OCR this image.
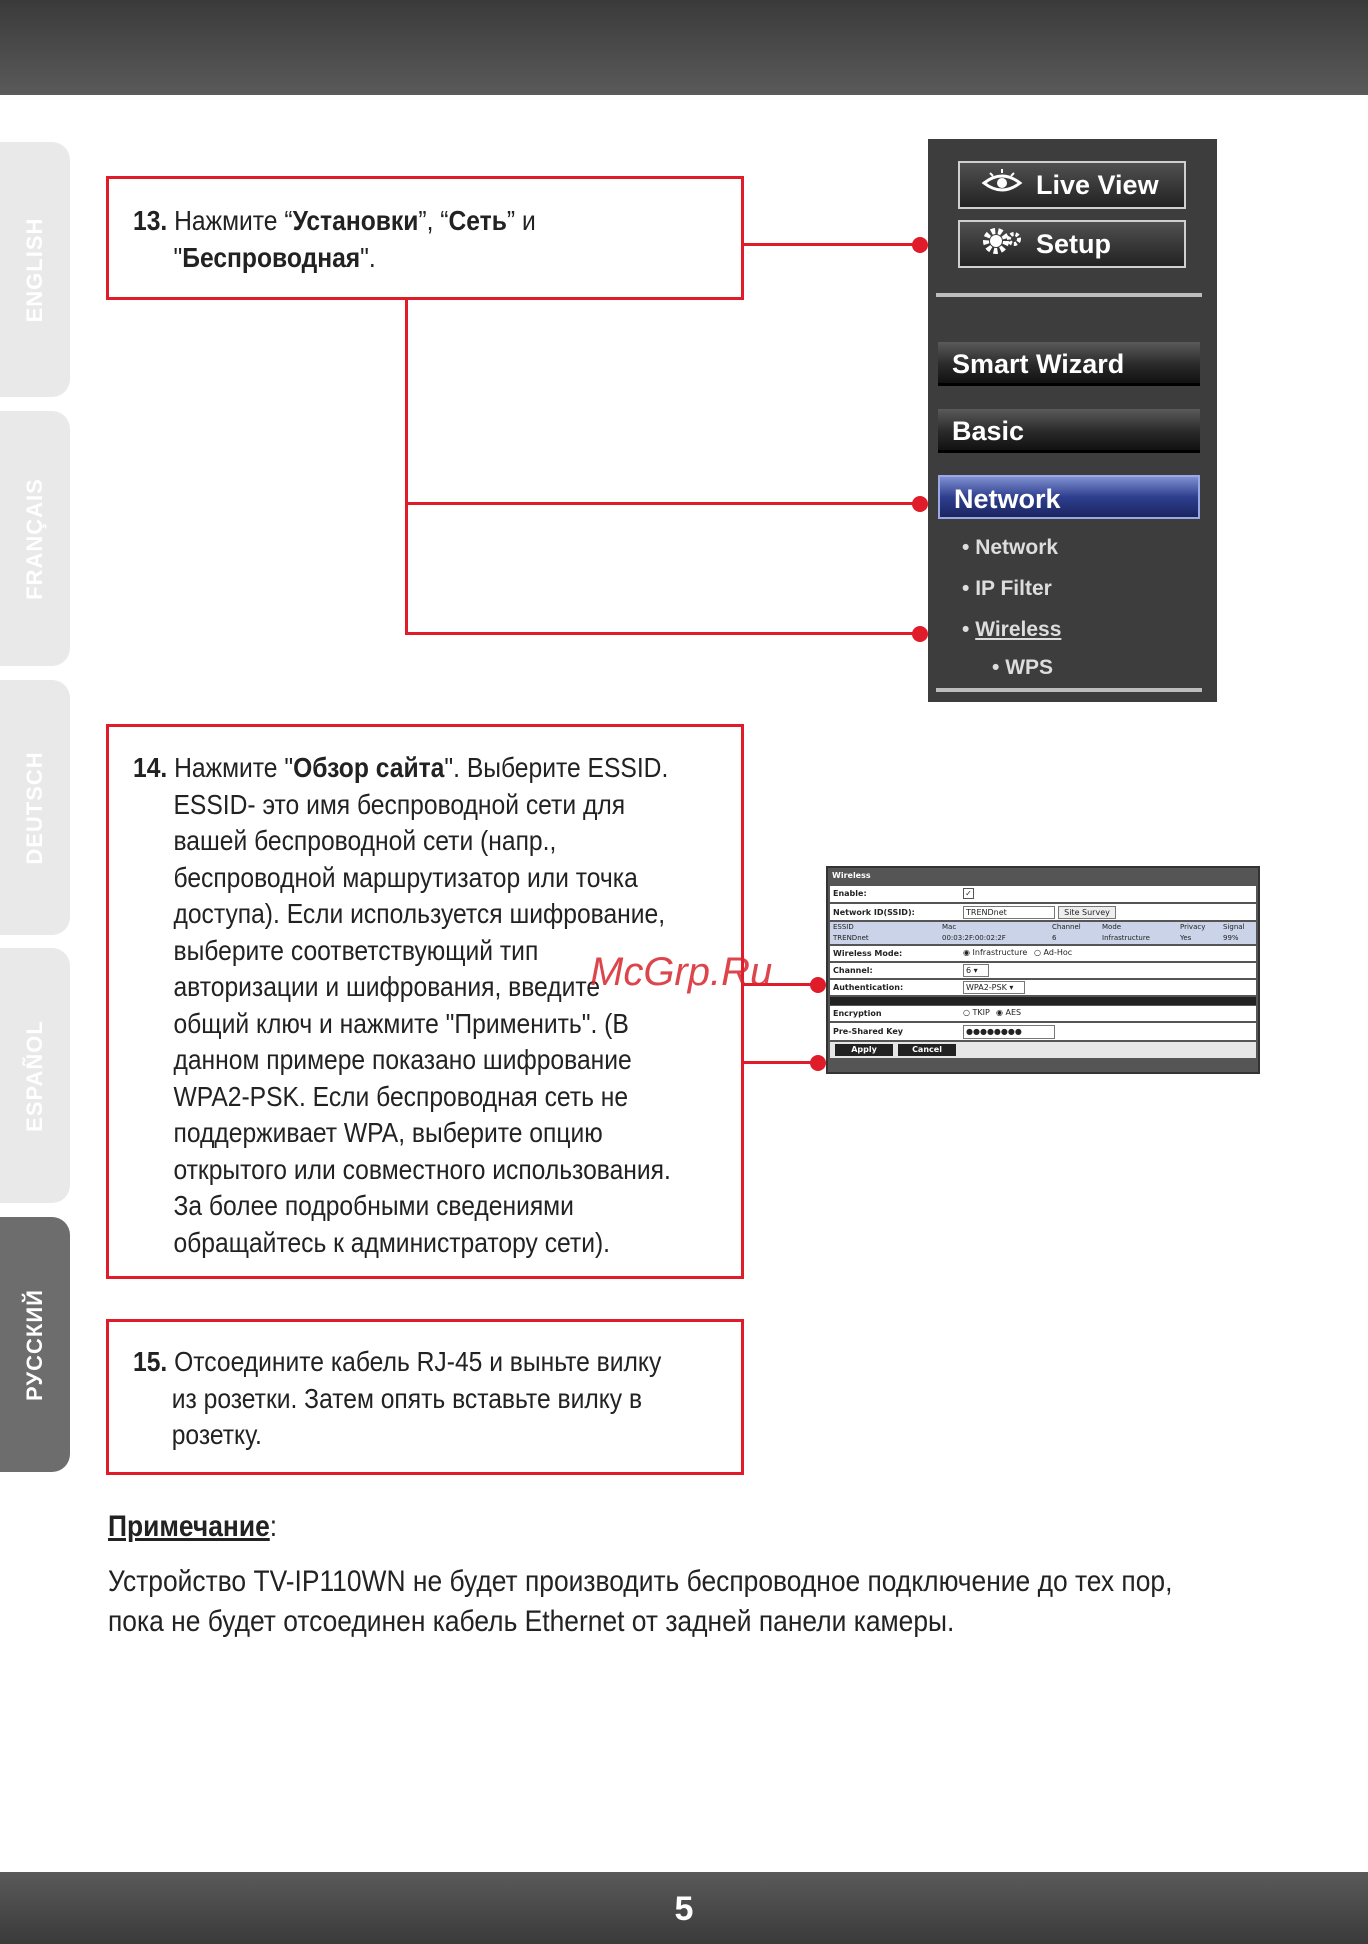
ENGLISH
FRANÇAIS
DEUTSCH
ESPAÑOL
РУССКИЙ
13. Нажмите “Установки”, “Сеть” и
"Беспроводная".
Live View
Setup
Smart Wizard
Basic
Network
• Network
• IP Filter
• Wireless
• WPS
14. Нажмите "Обзор сайта". Выберите ESSID.
ESSID- это имя беспроводной сети для
вашей беспроводной сети (напр.,
беспроводной маршрутизатор или точка
доступа). Если используется шифрование,
выберите соответствующий тип
авторизации и шифрования, введите
общий ключ и нажмите "Применить". (В
данном примере показано шифрование
WPA2-PSK. Если беспроводная сеть не
поддерживает WPA, выберите опцию
открытого или совместного использования.
За более подробными сведениями
обращайтесь к администратору сети).
Wireless
Enable:	✓
Network ID(SSID):	TRENDnet	Site Survey
ESSID	Mac	Channel	Mode	Privacy	Signal
TRENDnet	00:03:2F:00:02:2F	6	Infrastructure	Yes	99%
Wireless Mode:	◉ Infrastructure ○ Ad-Hoc
Channel:	6 ▾
Authentication:	WPA2-PSK ▾
Encryption	○ TKIP ◉ AES
Pre-Shared Key	●●●●●●●●
Apply	Cancel
McGrp.Ru
15. Отсоедините кабель RJ-45 и выньте вилку
из розетки. Затем опять вставьте вилку в
розетку.
Примечание:
Устройство TV-IP110WN не будет производить беспроводное подключение до тех пор, пока не будет отсоединен кабель Ethernet от задней панели камеры.
5
